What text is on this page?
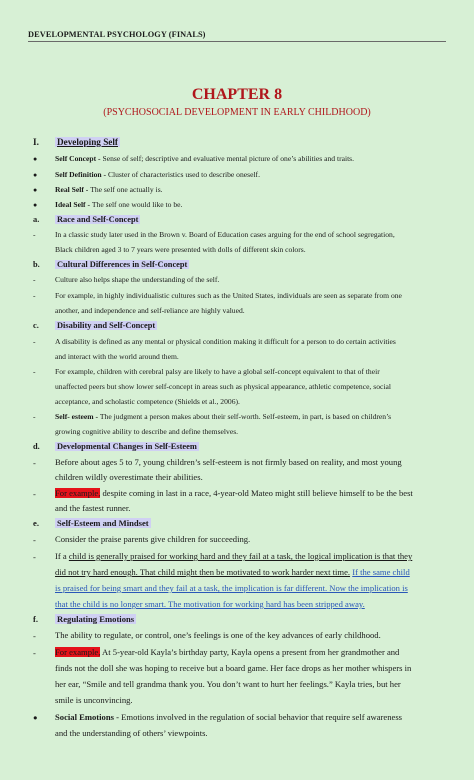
DEVELOPMENTAL PSYCHOLOGY (FINALS)
CHAPTER 8
(PSYCHOSOCIAL DEVELOPMENT IN EARLY CHILDHOOD)
I. Developing Self
● Self Concept - Sense of self; descriptive and evaluative mental picture of one’s abilities and traits.
● Self Definition - Cluster of characteristics used to describe oneself.
● Real Self - The self one actually is.
● Ideal Self - The self one would like to be.
a. Race and Self-Concept
-	In a classic study later used in the Brown v. Board of Education cases arguing for the end of school segregation,
Black children aged 3 to 7 years were presented with dolls of different skin colors.
b. Cultural Differences in Self-Concept
-	Culture also helps shape the understanding of the self.
-	For example, in highly individualistic cultures such as the United States, individuals are seen as separate from one
another, and independence and self-reliance are highly valued.
c. Disability and Self-Concept
-	A disability is defined as any mental or physical condition making it difficult for a person to do certain activities
and interact with the world around them.
-	For example, children with cerebral palsy are likely to have a global self-concept equivalent to that of their
unaffected peers but show lower self-concept in areas such as physical appearance, athletic competence, social
acceptance, and scholastic competence (Shields et al., 2006).
-	Self- esteem - The judgment a person makes about their self-worth. Self-esteem, in part, is based on children’s
growing cognitive ability to describe and define themselves.
d. Developmental Changes in Self-Esteem
- Before about ages 5 to 7, young children’s self-esteem is not firmly based on reality, and most young
children wildly overestimate their abilities.
- For example, despite coming in last in a race, 4-year-old Mateo might still believe himself to be the best
and the fastest runner.
e. Self-Esteem and Mindset
- Consider the praise parents give children for succeeding.
- If a child is generally praised for working hard and they fail at a task, the logical implication is that they
did not try hard enough. That child might then be motivated to work harder next time. If the same child
is praised for being smart and they fail at a task, the implication is far different. Now the implication is
that the child is no longer smart. The motivation for working hard has been stripped away.
f. Regulating Emotions
- The ability to regulate, or control, one’s feelings is one of the key advances of early childhood.
- For example, At 5-year-old Kayla’s birthday party, Kayla opens a present from her grandmother and
finds not the doll she was hoping to receive but a board game. Her face drops as her mother whispers in
her ear, “Smile and tell grandma thank you. You don’t want to hurt her feelings.” Kayla tries, but her
smile is unconvincing.
● Social Emotions - Emotions involved in the regulation of social behavior that require self awareness
and the understanding of others’ viewpoints.
